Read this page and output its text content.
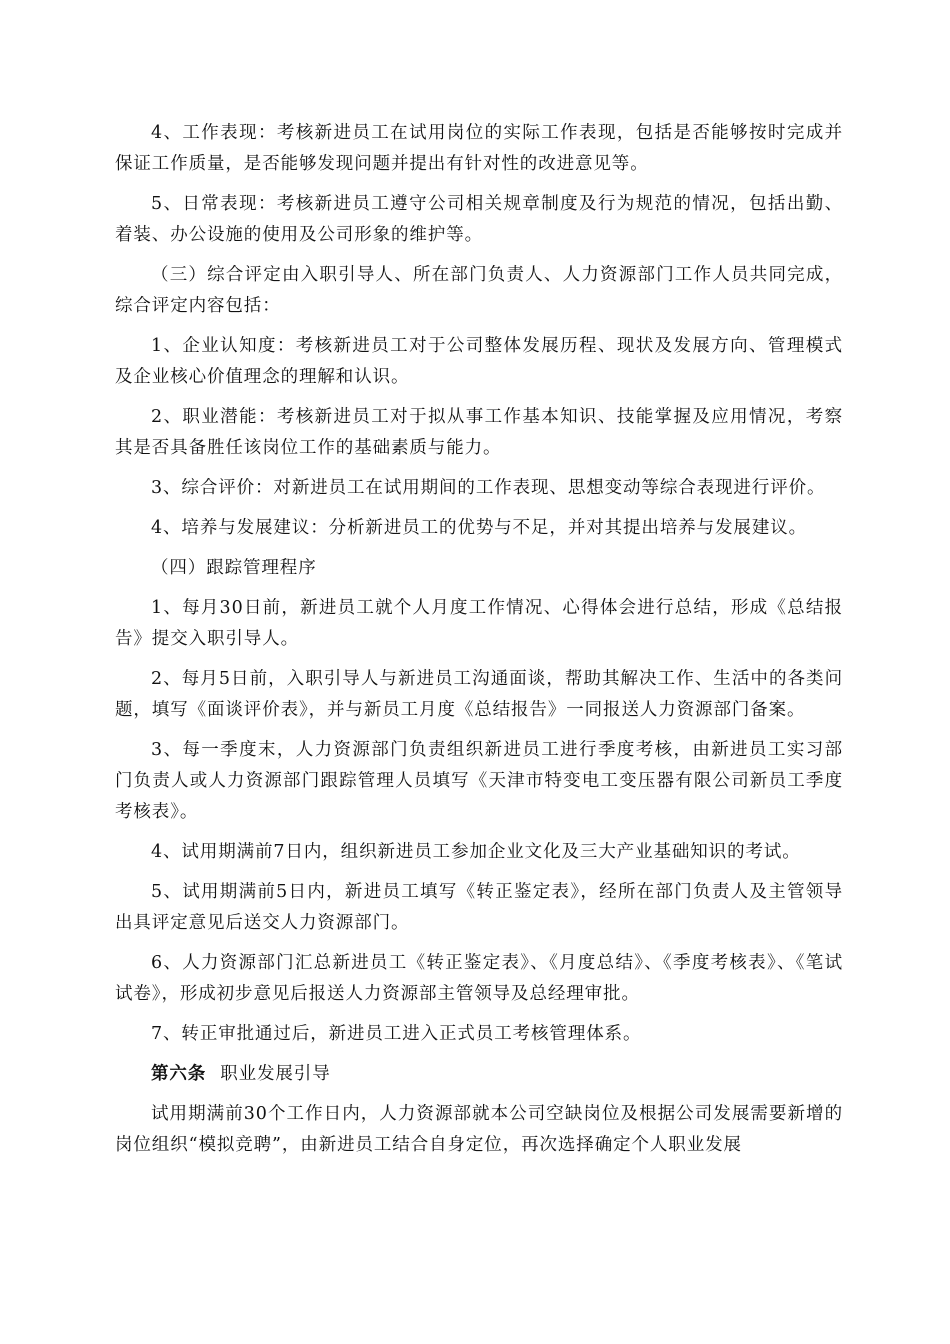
4、工作表现：考核新进员工在试用岗位的实际工作表现，包括是否能够按时完成并保证工作质量，是否能够发现问题并提出有针对性的改进意见等。

5、日常表现：考核新进员工遵守公司相关规章制度及行为规范的情况，包括出勤、着装、办公设施的使用及公司形象的维护等。

（三）综合评定由入职引导人、所在部门负责人、人力资源部门工作人员共同完成，综合评定内容包括：

1、企业认知度：考核新进员工对于公司整体发展历程、现状及发展方向、管理模式及企业核心价值理念的理解和认识。

2、职业潜能：考核新进员工对于拟从事工作基本知识、技能掌握及应用情况，考察其是否具备胜任该岗位工作的基础素质与能力。

3、综合评价：对新进员工在试用期间的工作表现、思想变动等综合表现进行评价。

4、培养与发展建议：分析新进员工的优势与不足，并对其提出培养与发展建议。

（四）跟踪管理程序

1、每月30日前，新进员工就个人月度工作情况、心得体会进行总结，形成《总结报告》提交入职引导人。

2、每月5日前，入职引导人与新进员工沟通面谈，帮助其解决工作、生活中的各类问题，填写《面谈评价表》，并与新员工月度《总结报告》一同报送人力资源部门备案。

3、每一季度末，人力资源部门负责组织新进员工进行季度考核，由新进员工实习部门负责人或人力资源部门跟踪管理人员填写《天津市特变电工变压器有限公司新员工季度考核表》。

4、试用期满前7日内，组织新进员工参加企业文化及三大产业基础知识的考试。

5、试用期满前5日内，新进员工填写《转正鉴定表》，经所在部门负责人及主管领导出具评定意见后送交人力资源部门。

6、人力资源部门汇总新进员工《转正鉴定表》、《月度总结》、《季度考核表》、《笔试试卷》，形成初步意见后报送人力资源部主管领导及总经理审批。

7、转正审批通过后，新进员工进入正式员工考核管理体系。

第六条 职业发展引导

试用期满前30个工作日内，人力资源部就本公司空缺岗位及根据公司发展需要新增的岗位组织“模拟竞聘”，由新进员工结合自身定位，再次选择确定个人职业发展
